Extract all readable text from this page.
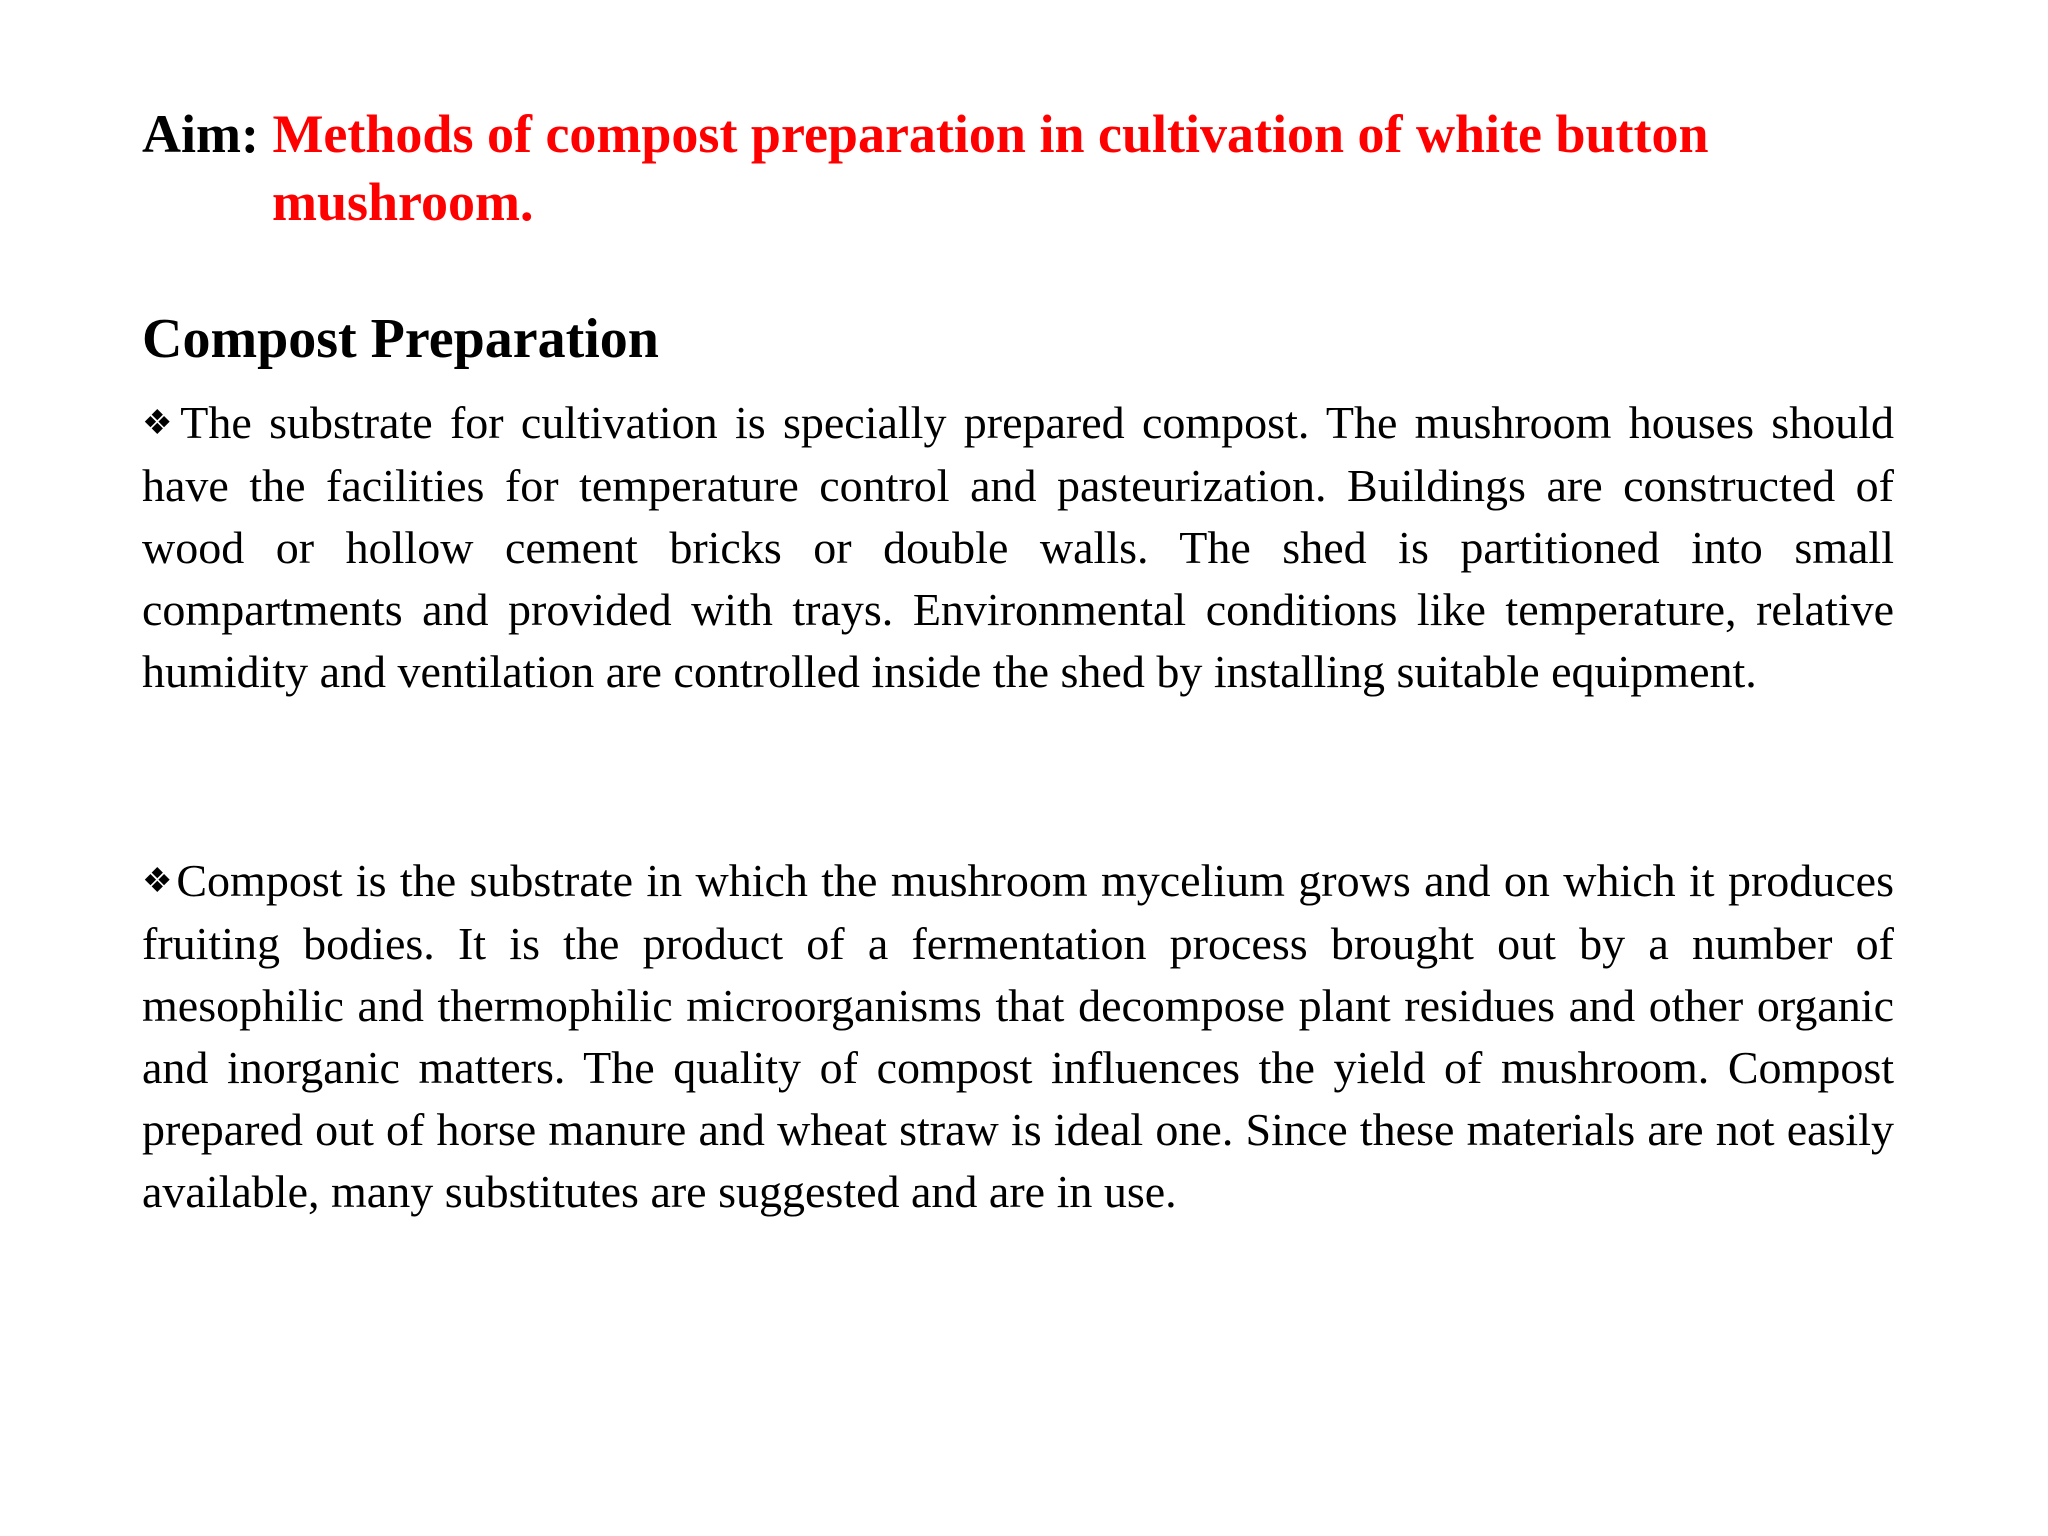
Aim: Methods of compost preparation in cultivation of white button
mushroom.
Compost Preparation

❖The substrate for cultivation is specially prepared compost. The mushroom houses should have the facilities for temperature control and pasteurization. Buildings are constructed of wood or hollow cement bricks or double walls. The shed is partitioned into small compartments and provided with trays. Environmental conditions like temperature, relative humidity and ventilation are controlled inside the shed by installing suitable equipment.

❖Compost is the substrate in which the mushroom mycelium grows and on which it produces fruiting bodies. It is the product of a fermentation process brought out by a number of mesophilic and thermophilic microorganisms that decompose plant residues and other organic and inorganic matters. The quality of compost influences the yield of mushroom. Compost prepared out of horse manure and wheat straw is ideal one. Since these materials are not easily available, many substitutes are suggested and are in use.
